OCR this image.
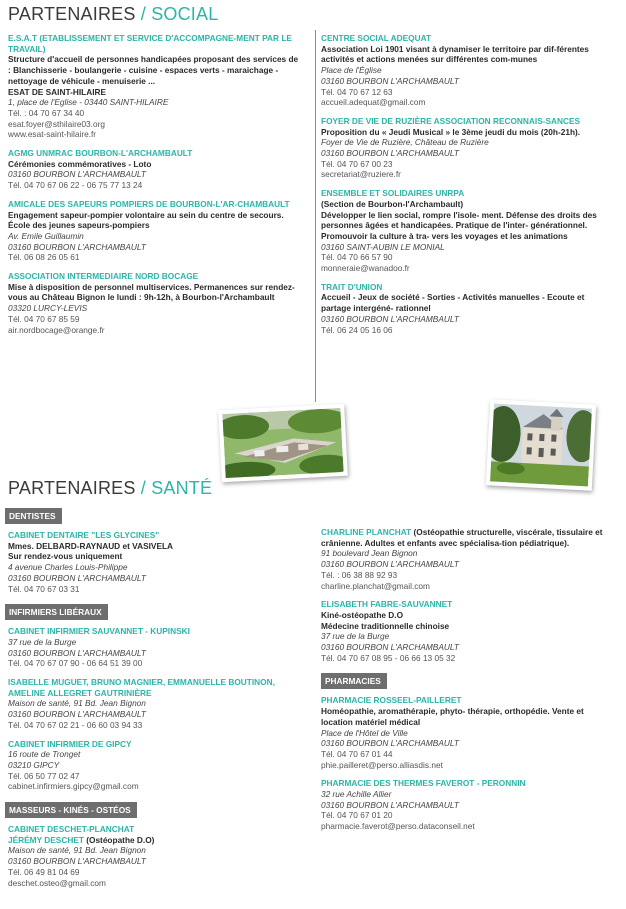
PARTENAIRES / SOCIAL
E.S.A.T (ETABLISSEMENT ET SERVICE D'ACCOMPAGNE-MENT PAR LE TRAVAIL)
Structure d'accueil de personnes handicapées proposant des services de : Blanchisserie - boulangerie - cuisine - espaces verts - maraichage - nettoyage de véhicule - menuiserie ...
ESAT DE SAINT-HILAIRE
1, place de l'Eglise - 03440 SAINT-HILAIRE
Tél. : 04 70 67 34 40
esat.foyer@sthilaire03.org
www.esat-saint-hilaire.fr
AGMG UNMRAC BOURBON-L'ARCHAMBAULT
Cérémonies commémoratives - Loto
03160 BOURBON L'ARCHAMBAULT
Tél. 04 70 67 06 22 - 06 75 77 13 24
AMICALE DES SAPEURS POMPIERS DE BOURBON-L'AR-CHAMBAULT
Engagement sapeur-pompier volontaire au sein du centre de secours. École des jeunes sapeurs-pompiers
Av. Emile Guillaumin
03160 BOURBON L'ARCHAMBAULT
Tél. 06 08 26 05 61
ASSOCIATION INTERMEDIAIRE NORD BOCAGE
Mise à disposition de personnel multiservices. Permanences sur rendez-vous au Château Bignon le lundi : 9h-12h, à Bourbon-l'Archambault
03320 LURCY-LEVIS
Tél. 04 70 67 85 59
air.nordbocage@orange.fr
CENTRE SOCIAL ADEQUAT
Association Loi 1901 visant à dynamiser le territoire par dif-férentes activités et actions menées sur différentes com-munes
Place de l'Église
03160 BOURBON L'ARCHAMBAULT
Tél. 04 70 67 12 63
accueil.adequat@gmail.com
FOYER DE VIE DE RUZIÈRE ASSOCIATION RECONNAIS-SANCES
Proposition du « Jeudi Musical » le 3ème jeudi du mois (20h-21h).
Foyer de Vie de Ruzière, Château de Ruzière
03160 BOURBON L'ARCHAMBAULT
Tél. 04 70 67 00 23
secretariat@ruziere.fr
ENSEMBLE ET SOLIDAIRES UNRPA
(Section de Bourbon-l'Archambault)
Développer le lien social, rompre l'isole- ment. Défense des droits des personnes âgées et handicapées. Pratique de l'inter- générationnel. Promouvoir la culture à tra- vers les voyages et les animations
03160 SAINT-AUBIN LE MONIAL
Tél. 04 70 66 57 90
monneraie@wanadoo.fr
TRAIT D'UNION
Accueil - Jeux de société - Sorties - Activités manuelles - Ecoute et partage intergéné- rationnel
03160 BOURBON L'ARCHAMBAULT
Tél. 06 24 05 16 06
PARTENAIRES / SANTÉ
DENTISTES
CABINET DENTAIRE "LES GLYCINES"
Mmes. DELBARD-RAYNAUD et VASIVELA
Sur rendez-vous uniquement
4 avenue Charles Louis-Philippe
03160 BOURBON L'ARCHAMBAULT
Tél. 04 70 67 03 31
INFIRMIERS LIBÉRAUX
CABINET INFIRMIER SAUVANNET - KUPINSKI
37 rue de la Burge
03160 BOURBON L'ARCHAMBAULT
Tél. 04 70 67 07 90 - 06 64 51 39 00
ISABELLE MUGUET, BRUNO MAGNIER, EMMANUELLE BOUTINON, AMELINE ALLEGRET GAUTRINIÈRE
Maison de santé, 91 Bd. Jean Bignon
03160 BOURBON L'ARCHAMBAULT
Tél. 04 70 67 02 21 - 06 60 03 94 33
CABINET INFIRMIER DE GIPCY
16 route de Tronget
03210 GIPCY
Tél. 06 50 77 02 47
cabinet.infirmiers.gipcy@gmail.com
MASSEURS - KINÉS - OSTÉOS
CABINET DESCHET-PLANCHAT
JÉRÉMY DESCHET (Ostéopathe D.O)
Maison de santé, 91 Bd. Jean Bignon
03160 BOURBON L'ARCHAMBAULT
Tél. 06 49 81 04 69
deschet.osteo@gmail.com
CHARLINE PLANCHAT (Ostéopathie structurelle, viscérale, tissulaire et crânienne. Adultes et enfants avec spécialisa-tion pédiatrique).
91 boulevard Jean Bignon
03160 BOURBON L'ARCHAMBAULT
Tél. : 06 38 88 92 93
charline.planchat@gmail.com
ELISABETH FABRE-SAUVANNET
Kiné-ostéopathe D.O
Médecine traditionnelle chinoise
37 rue de la Burge
03160 BOURBON L'ARCHAMBAULT
Tél. 04 70 67 08 95 - 06 66 13 05 32
PHARMACIES
PHARMACIE ROSSEEL-PAILLERET
Homéopathie, aromathérapie, phyto- thérapie, orthopédie. Vente et location matériel médical
Place de l'Hôtel de Ville
03160 BOURBON L'ARCHAMBAULT
Tél. 04 70 67 01 44
phie.pailleret@perso.alliasdis.net
PHARMACIE DES THERMES FAVEROT - PERONNIN
32 rue Achille Allier
03160 BOURBON L'ARCHAMBAULT
Tél. 04 70 67 01 20
pharmacie.faverot@perso.dataconseil.net
